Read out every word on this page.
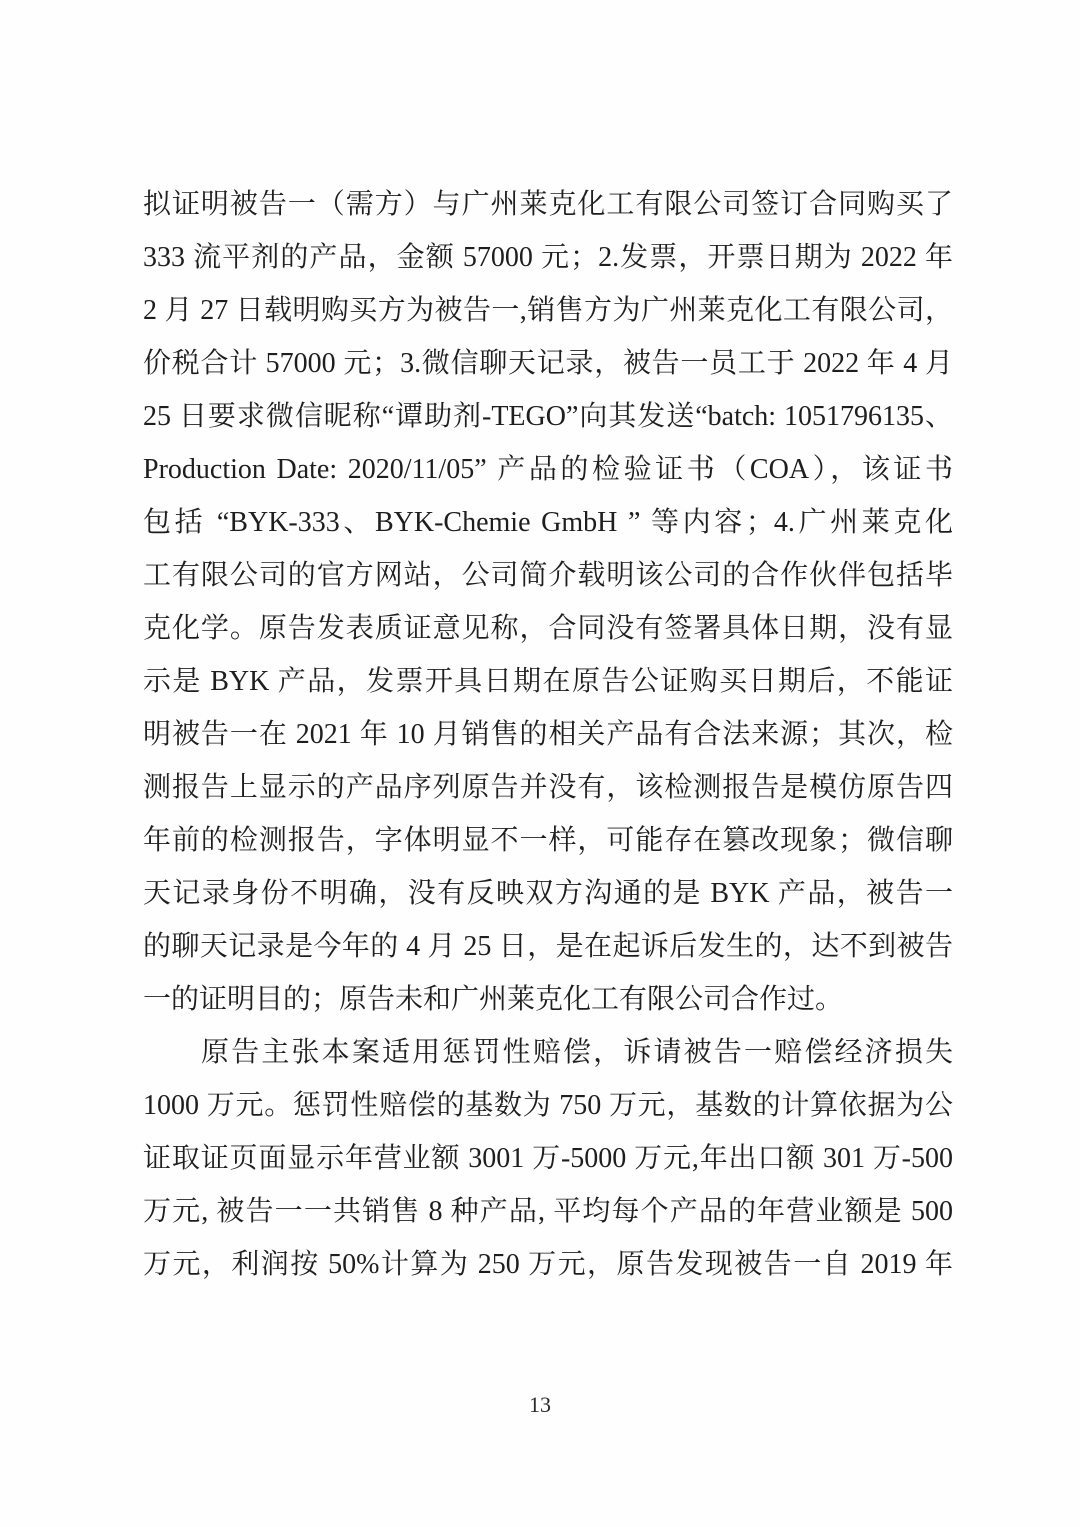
拟证明被告一（需方）与广州莱克化工有限公司签订合同购买了
333 流平剂的产品，金额 57000 元；2.发票，开票日期为 2022 年
2 月 27 日载明购买方为被告一,销售方为广州莱克化工有限公司，
价税合计 57000 元；3.微信聊天记录，被告一员工于 2022 年 4 月
25 日要求微信昵称“谭助剂-TEGO”向其发送“batch: 1051796135、
Production Date: 2020/11/05” 产品的检验证书（COA），该证书
包括 “BYK-333、BYK-Chemie GmbH ” 等内容；4.广州莱克化
工有限公司的官方网站，公司简介载明该公司的合作伙伴包括毕
克化学。原告发表质证意见称，合同没有签署具体日期，没有显
示是 BYK 产品，发票开具日期在原告公证购买日期后，不能证
明被告一在 2021 年 10 月销售的相关产品有合法来源；其次，检
测报告上显示的产品序列原告并没有，该检测报告是模仿原告四
年前的检测报告，字体明显不一样，可能存在篡改现象；微信聊
天记录身份不明确，没有反映双方沟通的是 BYK 产品，被告一
的聊天记录是今年的 4 月 25 日，是在起诉后发生的，达不到被告
一的证明目的；原告未和广州莱克化工有限公司合作过。
原告主张本案适用惩罚性赔偿，诉请被告一赔偿经济损失
1000 万元。惩罚性赔偿的基数为 750 万元，基数的计算依据为公
证取证页面显示年营业额 3001 万-5000 万元,年出口额 301 万-500
万元, 被告一一共销售 8 种产品, 平均每个产品的年营业额是 500
万元，利润按 50%计算为 250 万元，原告发现被告一自 2019 年
13
